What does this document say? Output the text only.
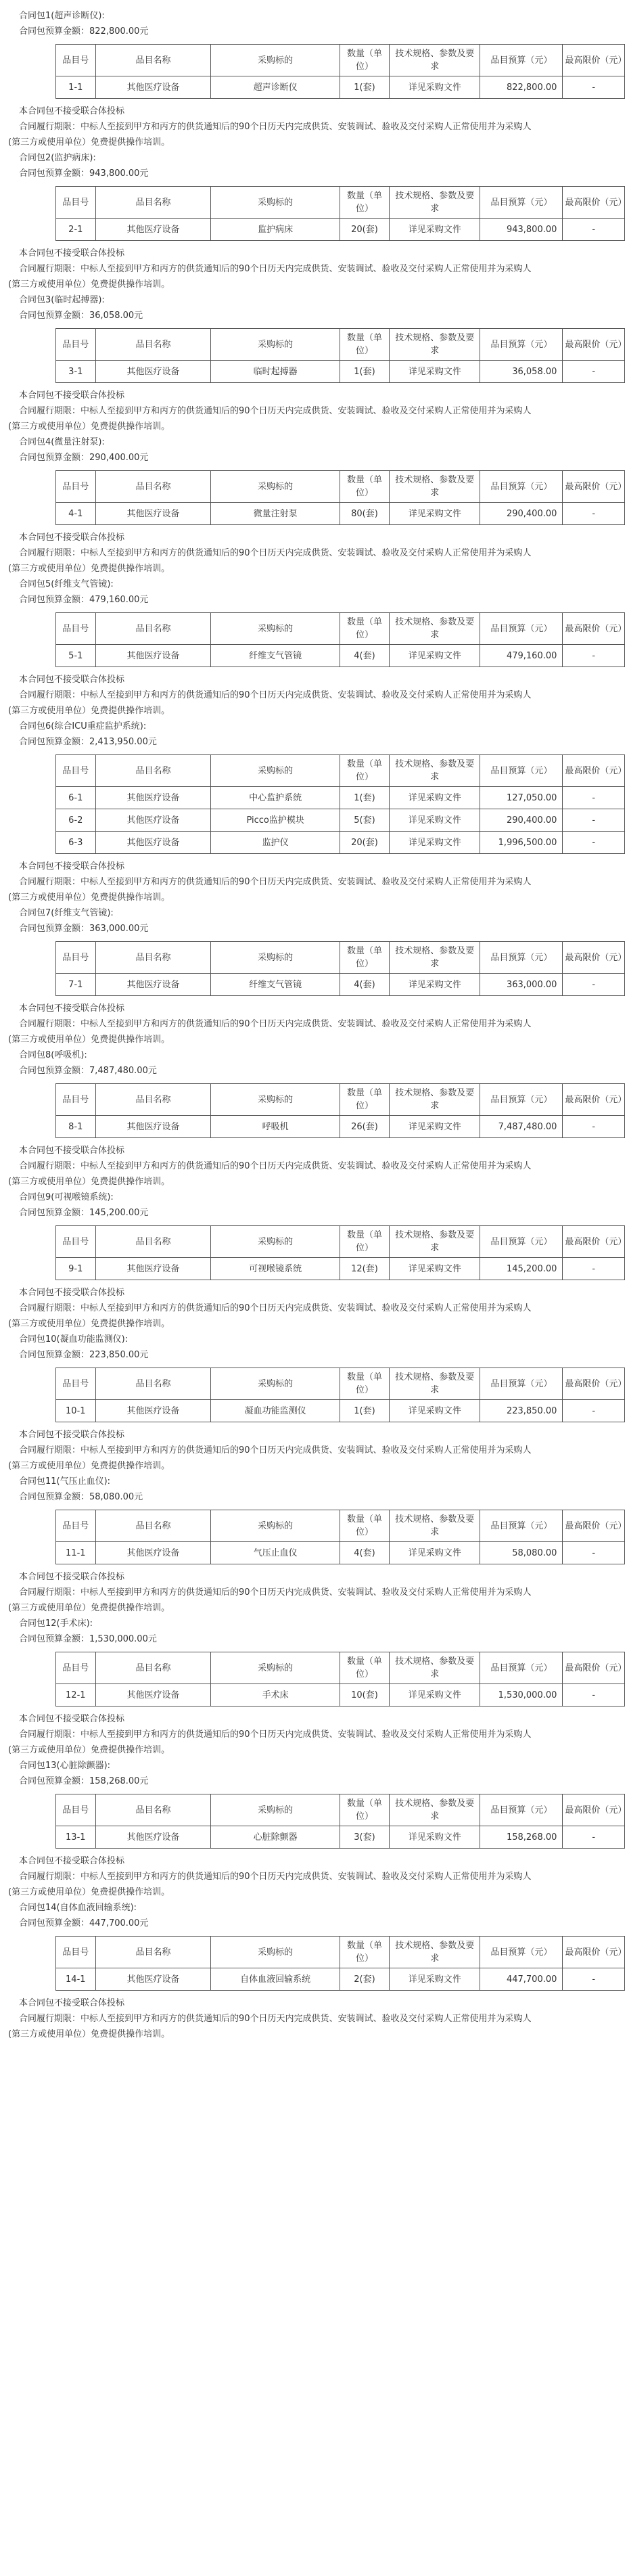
合同包1(超声诊断仪):

合同包预算金额：822,800.00元

品目号	品目名称	采购标的	数量（单位）	技术规格、参数及要求	品目预算（元）	最高限价（元）
1-1	其他医疗设备	超声诊断仪	1(套)	详见采购文件	822,800.00	-

本合同包不接受联合体投标

合同履行期限：中标人至接到甲方和丙方的供货通知后的90个日历天内完成供货、安装调试、验收及交付采购人正常使用并为采购人

(第三方或使用单位）免费提供操作培训。

合同包2(监护病床):

合同包预算金额：943,800.00元

品目号	品目名称	采购标的	数量（单位）	技术规格、参数及要求	品目预算（元）	最高限价（元）
2-1	其他医疗设备	监护病床	20(套)	详见采购文件	943,800.00	-

本合同包不接受联合体投标

合同履行期限：中标人至接到甲方和丙方的供货通知后的90个日历天内完成供货、安装调试、验收及交付采购人正常使用并为采购人

(第三方或使用单位）免费提供操作培训。

合同包3(临时起搏器):

合同包预算金额：36,058.00元

品目号	品目名称	采购标的	数量（单位）	技术规格、参数及要求	品目预算（元）	最高限价（元）
3-1	其他医疗设备	临时起搏器	1(套)	详见采购文件	36,058.00	-

本合同包不接受联合体投标

合同履行期限：中标人至接到甲方和丙方的供货通知后的90个日历天内完成供货、安装调试、验收及交付采购人正常使用并为采购人

(第三方或使用单位）免费提供操作培训。

合同包4(微量注射泵):

合同包预算金额：290,400.00元

品目号	品目名称	采购标的	数量（单位）	技术规格、参数及要求	品目预算（元）	最高限价（元）
4-1	其他医疗设备	微量注射泵	80(套)	详见采购文件	290,400.00	-

本合同包不接受联合体投标

合同履行期限：中标人至接到甲方和丙方的供货通知后的90个日历天内完成供货、安装调试、验收及交付采购人正常使用并为采购人

(第三方或使用单位）免费提供操作培训。

合同包5(纤维支气管镜):

合同包预算金额：479,160.00元

品目号	品目名称	采购标的	数量（单位）	技术规格、参数及要求	品目预算（元）	最高限价（元）
5-1	其他医疗设备	纤维支气管镜	4(套)	详见采购文件	479,160.00	-

本合同包不接受联合体投标

合同履行期限：中标人至接到甲方和丙方的供货通知后的90个日历天内完成供货、安装调试、验收及交付采购人正常使用并为采购人

(第三方或使用单位）免费提供操作培训。

合同包6(综合ICU重症监护系统):

合同包预算金额：2,413,950.00元

品目号	品目名称	采购标的	数量（单位）	技术规格、参数及要求	品目预算（元）	最高限价（元）
6-1	其他医疗设备	中心监护系统	1(套)	详见采购文件	127,050.00	-
6-2	其他医疗设备	Picco监护模块	5(套)	详见采购文件	290,400.00	-
6-3	其他医疗设备	监护仪	20(套)	详见采购文件	1,996,500.00	-

本合同包不接受联合体投标

合同履行期限：中标人至接到甲方和丙方的供货通知后的90个日历天内完成供货、安装调试、验收及交付采购人正常使用并为采购人

(第三方或使用单位）免费提供操作培训。

合同包7(纤维支气管镜):

合同包预算金额：363,000.00元

品目号	品目名称	采购标的	数量（单位）	技术规格、参数及要求	品目预算（元）	最高限价（元）
7-1	其他医疗设备	纤维支气管镜	4(套)	详见采购文件	363,000.00	-

本合同包不接受联合体投标

合同履行期限：中标人至接到甲方和丙方的供货通知后的90个日历天内完成供货、安装调试、验收及交付采购人正常使用并为采购人

(第三方或使用单位）免费提供操作培训。

合同包8(呼吸机):

合同包预算金额：7,487,480.00元

品目号	品目名称	采购标的	数量（单位）	技术规格、参数及要求	品目预算（元）	最高限价（元）
8-1	其他医疗设备	呼吸机	26(套)	详见采购文件	7,487,480.00	-

本合同包不接受联合体投标

合同履行期限：中标人至接到甲方和丙方的供货通知后的90个日历天内完成供货、安装调试、验收及交付采购人正常使用并为采购人

(第三方或使用单位）免费提供操作培训。

合同包9(可视喉镜系统):

合同包预算金额：145,200.00元

品目号	品目名称	采购标的	数量（单位）	技术规格、参数及要求	品目预算（元）	最高限价（元）
9-1	其他医疗设备	可视喉镜系统	12(套)	详见采购文件	145,200.00	-

本合同包不接受联合体投标

合同履行期限：中标人至接到甲方和丙方的供货通知后的90个日历天内完成供货、安装调试、验收及交付采购人正常使用并为采购人

(第三方或使用单位）免费提供操作培训。

合同包10(凝血功能监测仪):

合同包预算金额：223,850.00元

品目号	品目名称	采购标的	数量（单位）	技术规格、参数及要求	品目预算（元）	最高限价（元）
10-1	其他医疗设备	凝血功能监测仪	1(套)	详见采购文件	223,850.00	-

本合同包不接受联合体投标

合同履行期限：中标人至接到甲方和丙方的供货通知后的90个日历天内完成供货、安装调试、验收及交付采购人正常使用并为采购人

(第三方或使用单位）免费提供操作培训。

合同包11(气压止血仪):

合同包预算金额：58,080.00元

品目号	品目名称	采购标的	数量（单位）	技术规格、参数及要求	品目预算（元）	最高限价（元）
11-1	其他医疗设备	气压止血仪	4(套)	详见采购文件	58,080.00	-

本合同包不接受联合体投标

合同履行期限：中标人至接到甲方和丙方的供货通知后的90个日历天内完成供货、安装调试、验收及交付采购人正常使用并为采购人

(第三方或使用单位）免费提供操作培训。

合同包12(手术床):

合同包预算金额：1,530,000.00元

品目号	品目名称	采购标的	数量（单位）	技术规格、参数及要求	品目预算（元）	最高限价（元）
12-1	其他医疗设备	手术床	10(套)	详见采购文件	1,530,000.00	-

本合同包不接受联合体投标

合同履行期限：中标人至接到甲方和丙方的供货通知后的90个日历天内完成供货、安装调试、验收及交付采购人正常使用并为采购人

(第三方或使用单位）免费提供操作培训。

合同包13(心脏除颤器):

合同包预算金额：158,268.00元

品目号	品目名称	采购标的	数量（单位）	技术规格、参数及要求	品目预算（元）	最高限价（元）
13-1	其他医疗设备	心脏除颤器	3(套)	详见采购文件	158,268.00	-

本合同包不接受联合体投标

合同履行期限：中标人至接到甲方和丙方的供货通知后的90个日历天内完成供货、安装调试、验收及交付采购人正常使用并为采购人

(第三方或使用单位）免费提供操作培训。

合同包14(自体血液回输系统):

合同包预算金额：447,700.00元

品目号	品目名称	采购标的	数量（单位）	技术规格、参数及要求	品目预算（元）	最高限价（元）
14-1	其他医疗设备	自体血液回输系统	2(套)	详见采购文件	447,700.00	-

本合同包不接受联合体投标

合同履行期限：中标人至接到甲方和丙方的供货通知后的90个日历天内完成供货、安装调试、验收及交付采购人正常使用并为采购人

(第三方或使用单位）免费提供操作培训。
